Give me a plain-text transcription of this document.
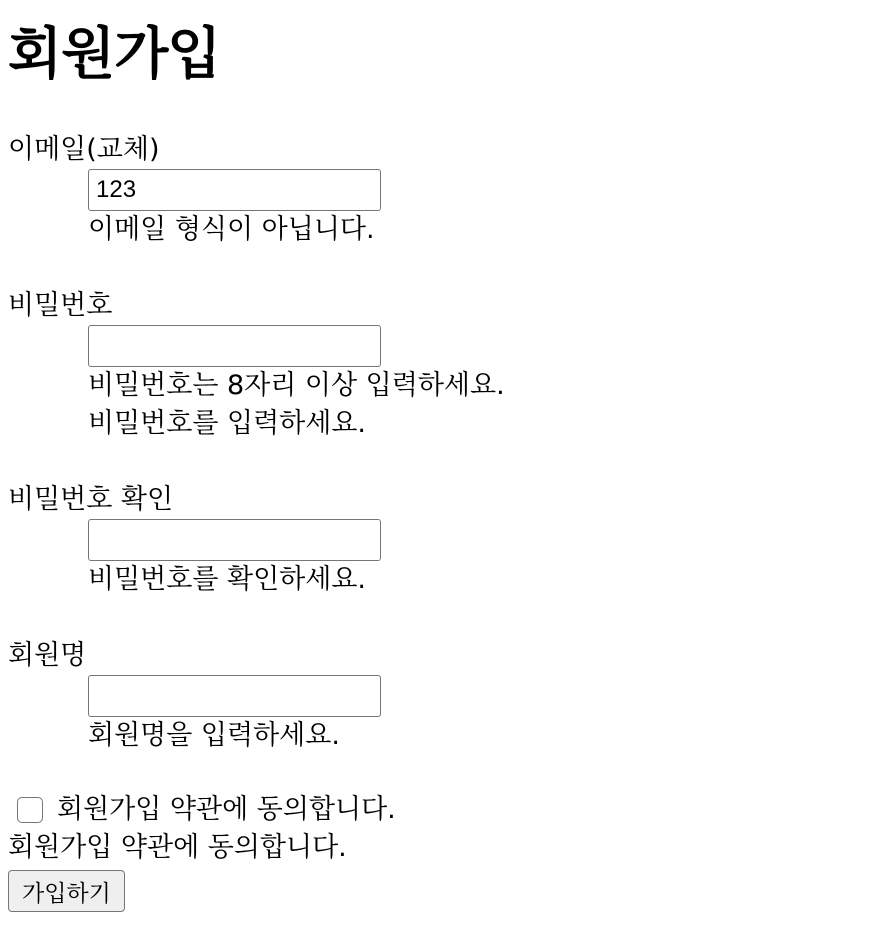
회원가입
이메일(교체)
123
이메일 형식이 아닙니다.
비밀번호
비밀번호는 8자리 이상 입력하세요.
비밀번호를 입력하세요.
비밀번호 확인
비밀번호를 확인하세요.
회원명
회원명을 입력하세요.
회원가입 약관에 동의합니다.
회원가입 약관에 동의합니다.
가입하기
